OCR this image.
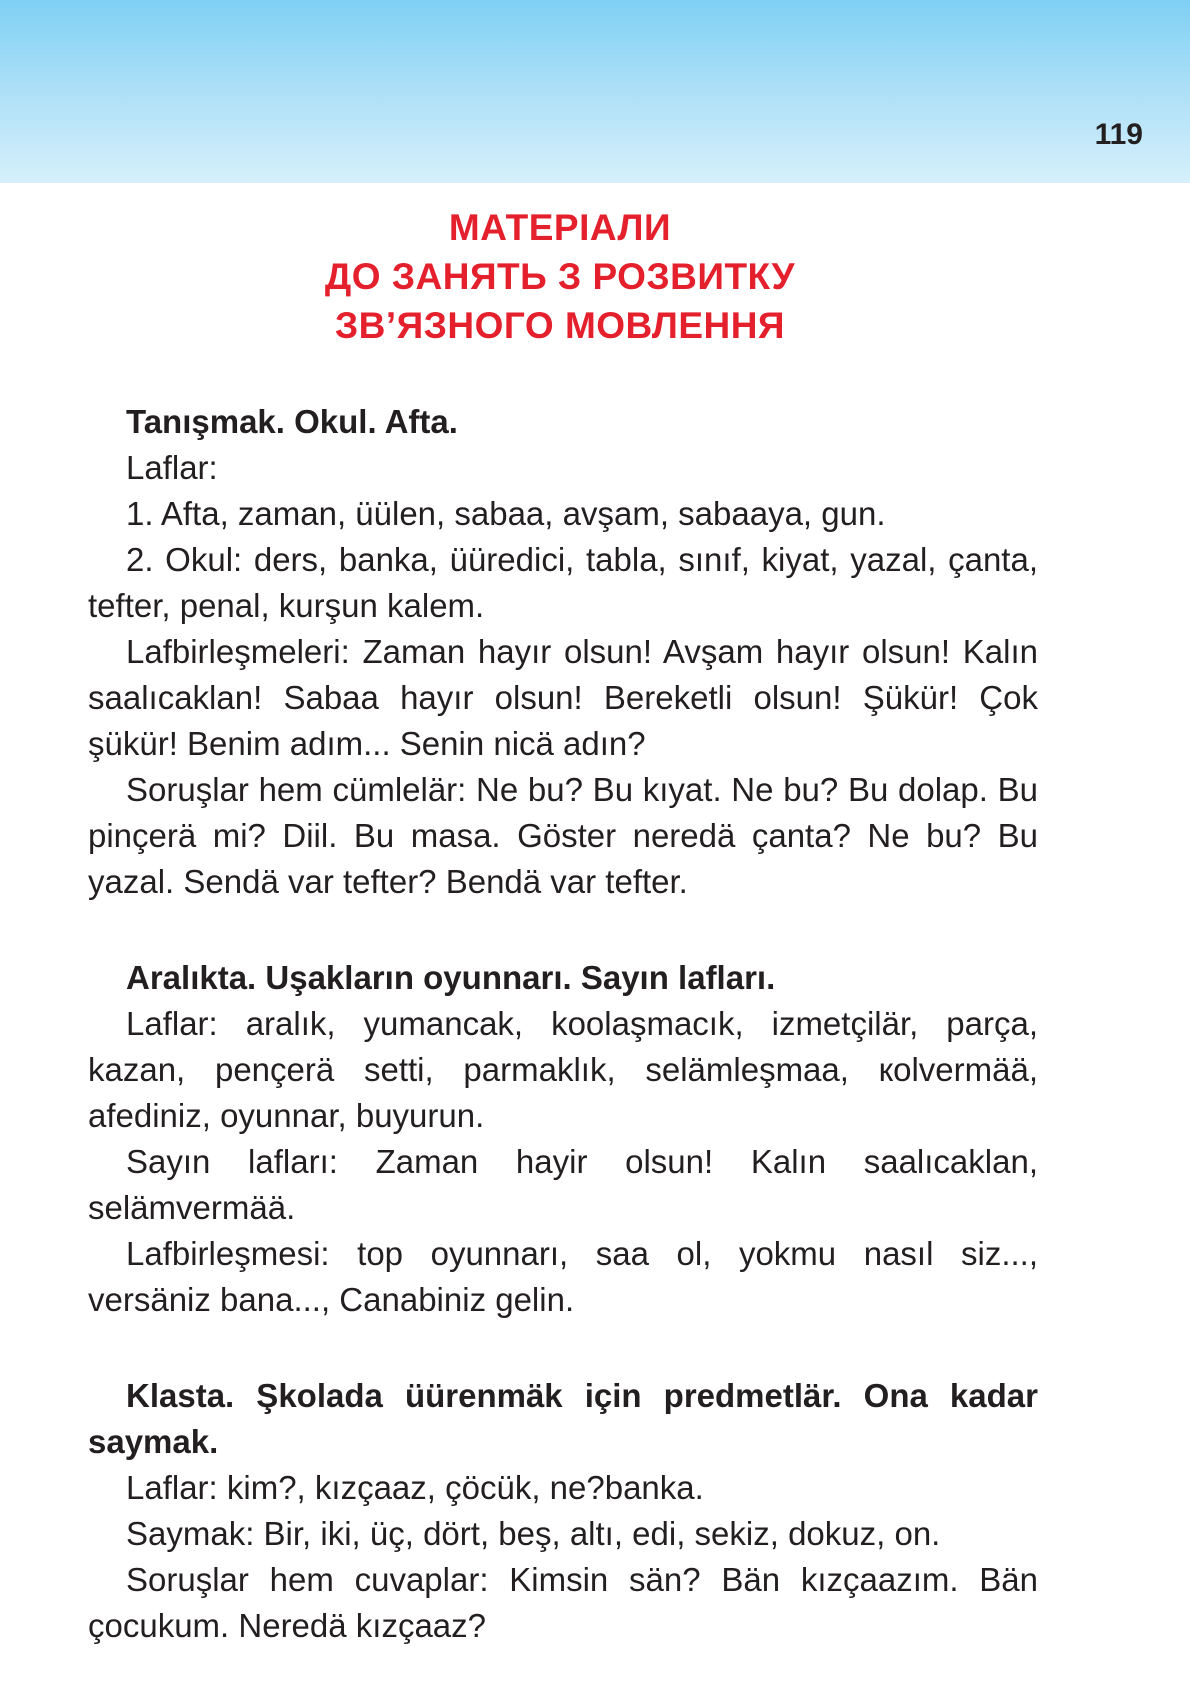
119
МАТЕРІАЛИ
ДО ЗАНЯТЬ З РОЗВИТКУ
ЗВ’ЯЗНОГО МОВЛЕННЯ

Tanışmak. Okul. Afta.

Laflar:

1. Afta, zaman, üülen, sabaa, avşam, sabaaya, gun.

2. Okul: ders, banka, üüredici, tabla, sınıf, kiyat, yazal, çanta, tefter, penal, kurşun kalem.

Lafbirleşmeleri: Zaman hayır olsun! Avşam hayır olsun! Kalın saalıcaklan! Sabaa hayır olsun! Bereketli olsun! Şükür! Çok şükür! Benim adım... Senin nicä adın?

Soruşlar hem cümlelär: Ne bu? Bu kıyat. Ne bu? Bu dolap. Bu pinçerä mi? Diil. Bu masa. Göster neredä çanta? Ne bu? Bu yazal. Sendä var tefter? Bendä var tefter.

Aralıkta. Uşakların oyunnarı. Sayın lafları.

Laflar: aralık, yumancak, koolaşmacık, izmetçilär, parça, kazan, pençerä setti, parmaklık, selämleşmaa, кolvermää, afediniz, oyunnar, buyurun.

Sayın lafları: Zaman hayir olsun! Kalın saalıcaklan, selämvermää.

Lafbirleşmesi: top oyunnarı, saa ol, yokmu nasıl siz..., versäniz bana..., Canabiniz gelin.

Klasta. Şkolada üürenmäk için predmetlär. Ona kadar saymak.

Laflar: kim?, kızçaaz, çöcük, ne?banka.

Saymak: Bir, iki, üç, dört, beş, altı, edi, sekiz, dokuz, on.

Soruşlar hem cuvaplar: Kimsin sän? Bän kızçaazım. Bän çocukum. Neredä kızçaaz?
